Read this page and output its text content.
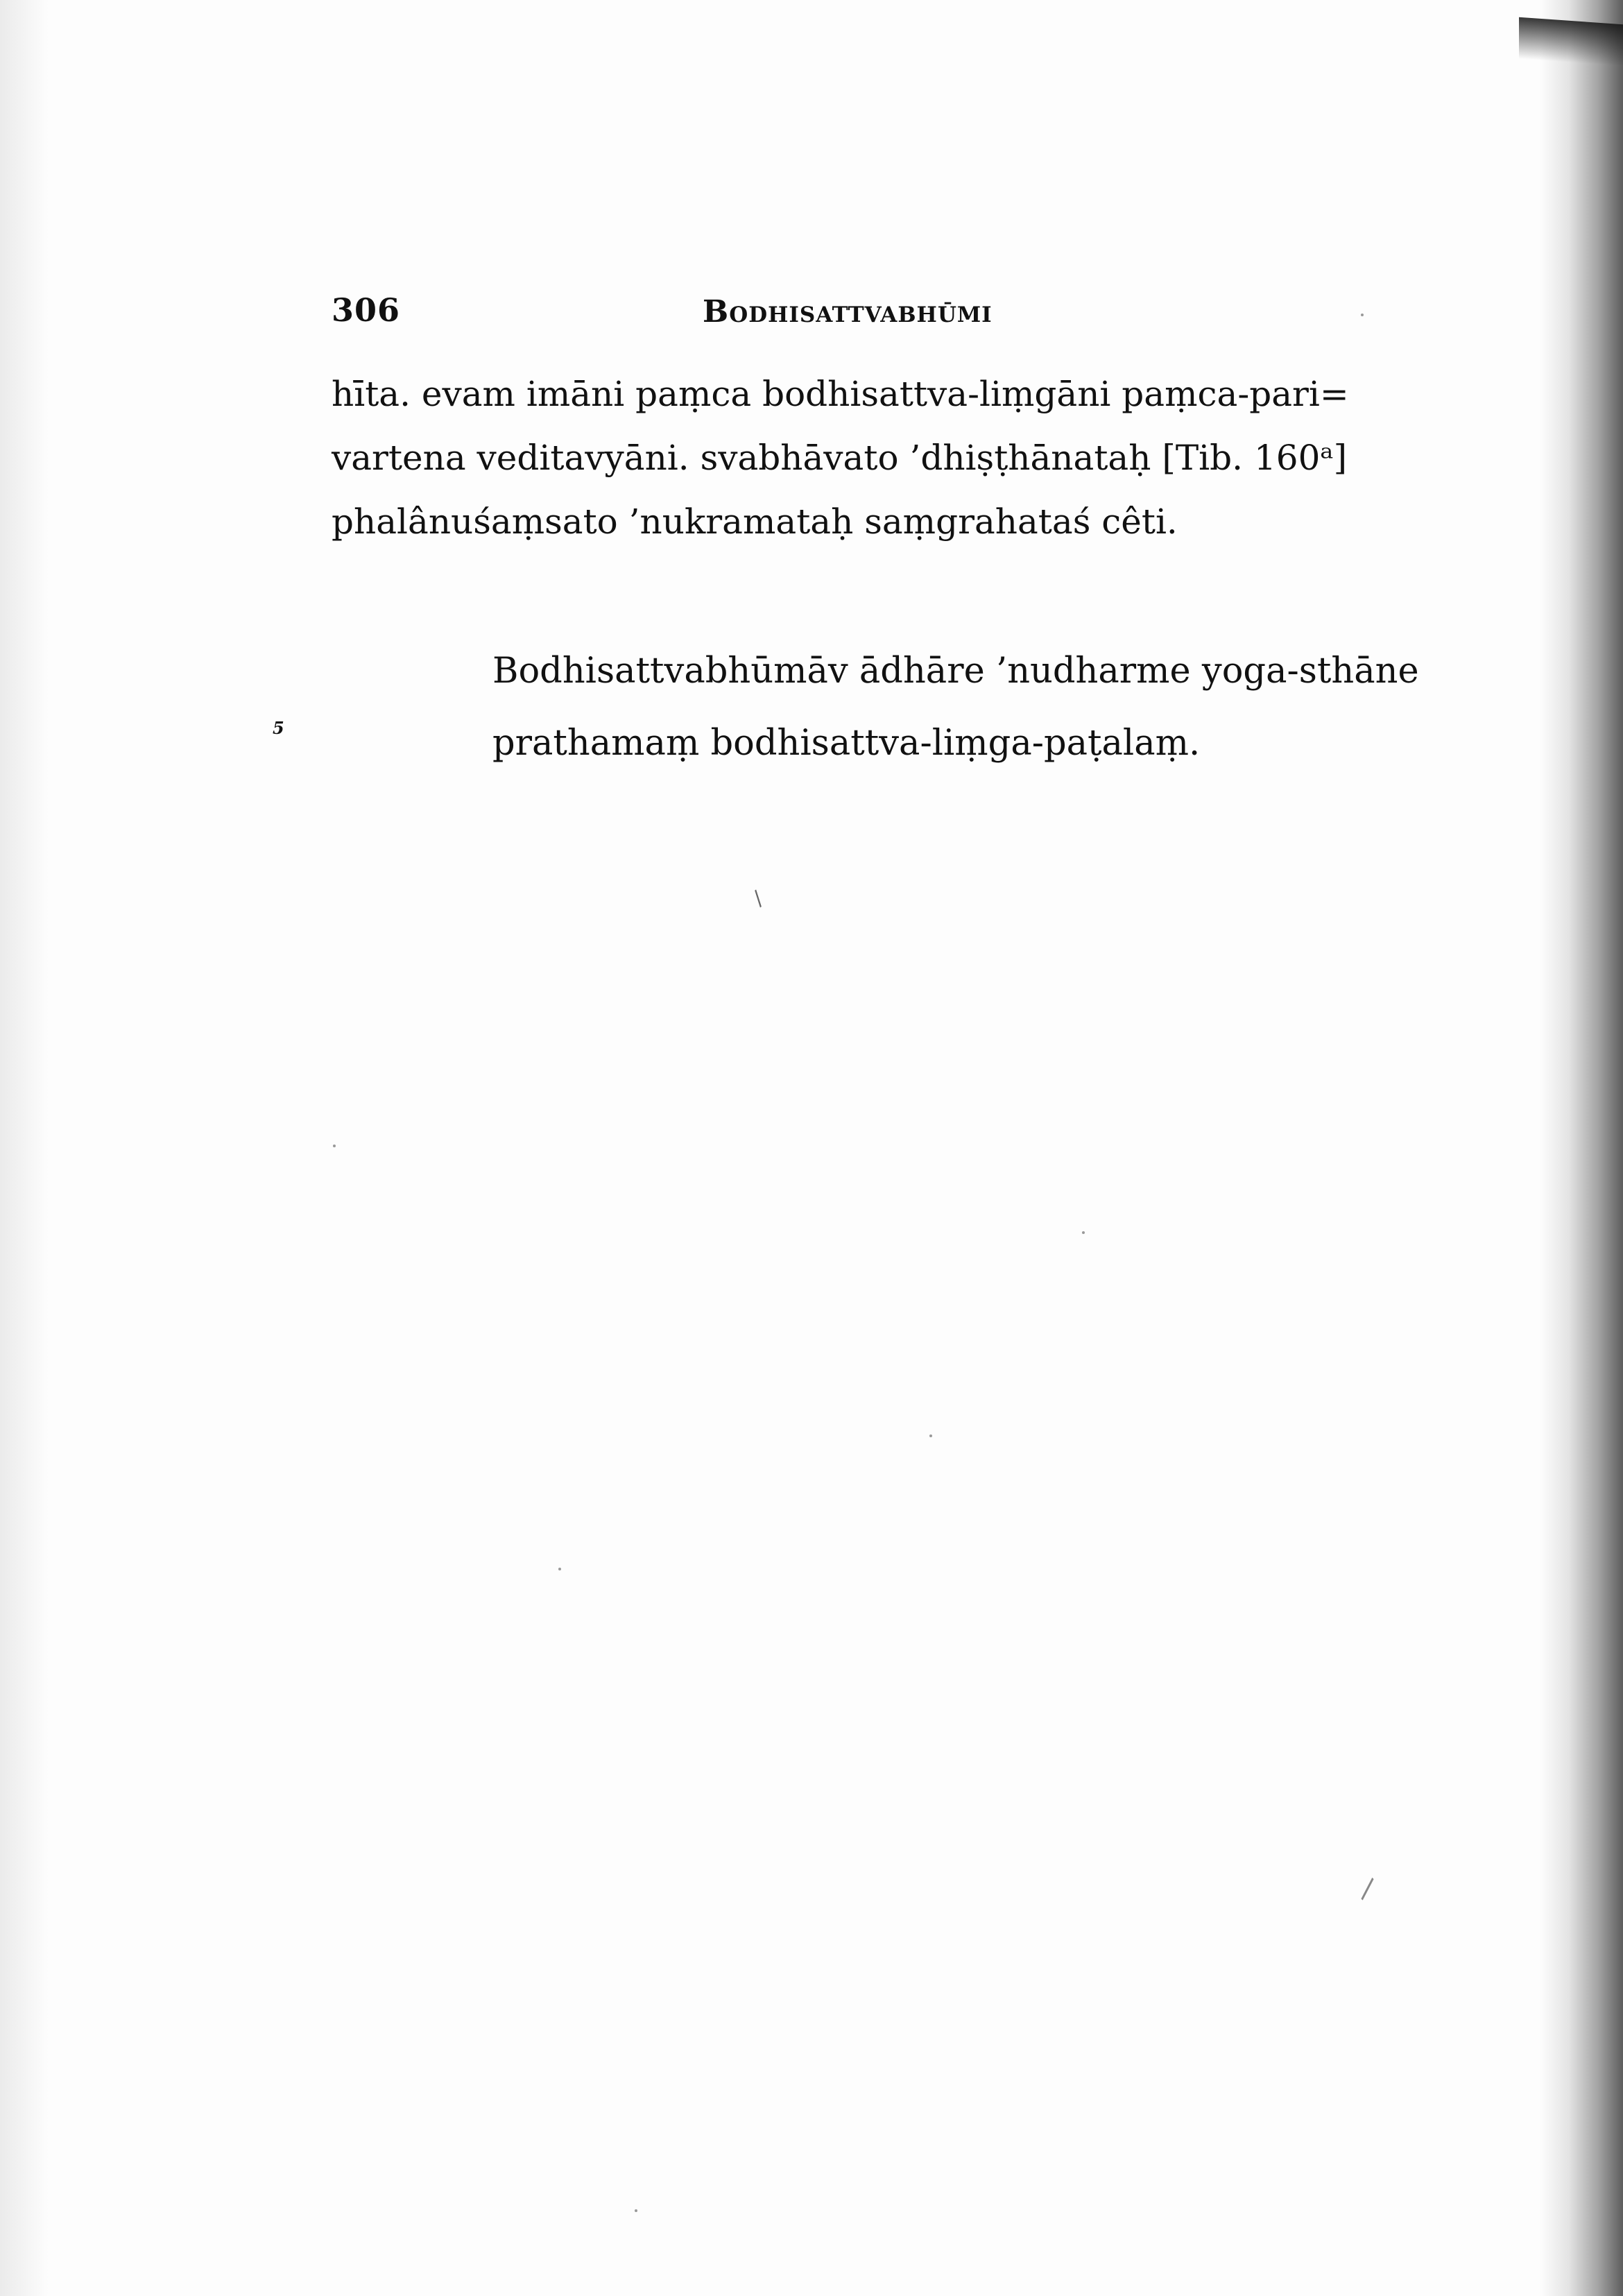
306	Bodhisattvabhūmi
hīta. evam imāni paṃca bodhisattva-liṃgāni paṃca-pari=
vartena veditavyāni. svabhāvato ’dhiṣṭhānataḥ [Tib. 160ᵃ]
phalânuśaṃsato ’nukramataḥ saṃgrahataś cêti.
5
Bodhisattvabhūmāv ādhāre ’nudharme yoga-sthāne
prathamaṃ bodhisattva-liṃga-paṭalaṃ.
/
\
